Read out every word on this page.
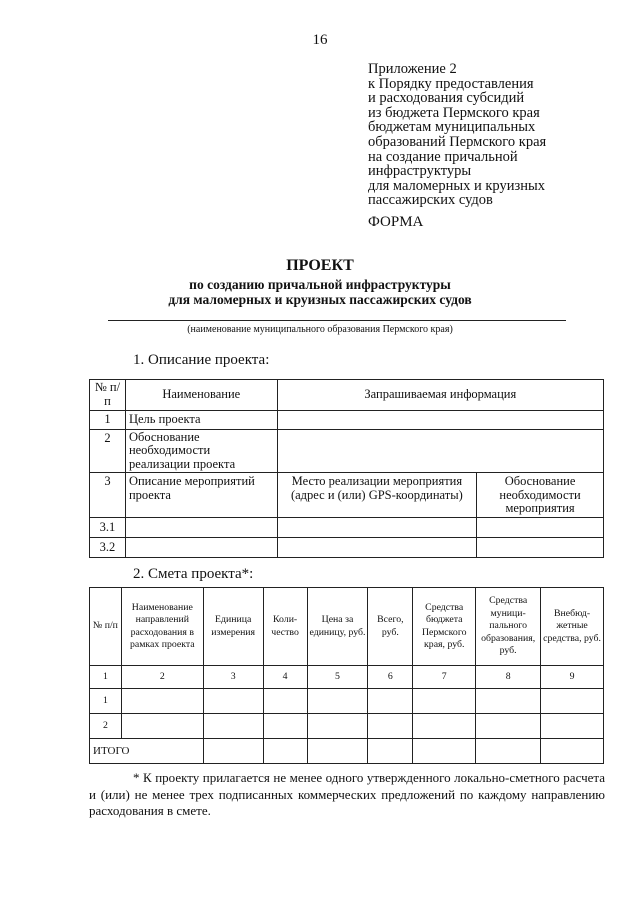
16
Приложение 2
к Порядку предоставления
и расходования субсидий
из бюджета Пермского края
бюджетам муниципальных
образований Пермского края
на создание причальной
инфраструктуры
для маломерных и круизных
пассажирских судов
ФОРМА
ПРОЕКТ
по созданию причальной инфраструктуры
для маломерных и круизных пассажирских судов
(наименование муниципального образования Пермского края)
1. Описание проекта:
№ п/п	Наименование	Запрашиваемая информация	
1	Цель проекта		
2	Обоснование необходимости реализации проекта		
3	Описание мероприятий проекта	Место реализации мероприятия (адрес и (или) GPS-координаты)	Обоснование необходимости мероприятия
3.1			
3.2			
2. Смета проекта*:
№ п/п	Наименование направлений расходования в рамках проекта	Единица измерения	Коли-чество	Цена за единицу, руб.	Всего, руб.	Средства бюджета Пермского края, руб.	Средства муници-пального образования, руб.	Внебюд-жетные средства, руб.
1	2	3	4	5	6	7	8	9
1								
2								
ИТОГО								

* К проекту прилагается не менее одного утвержденного локально-сметного расчета и (или) не менее трех подписанных коммерческих предложений по каждому направлению расходования в смете.
